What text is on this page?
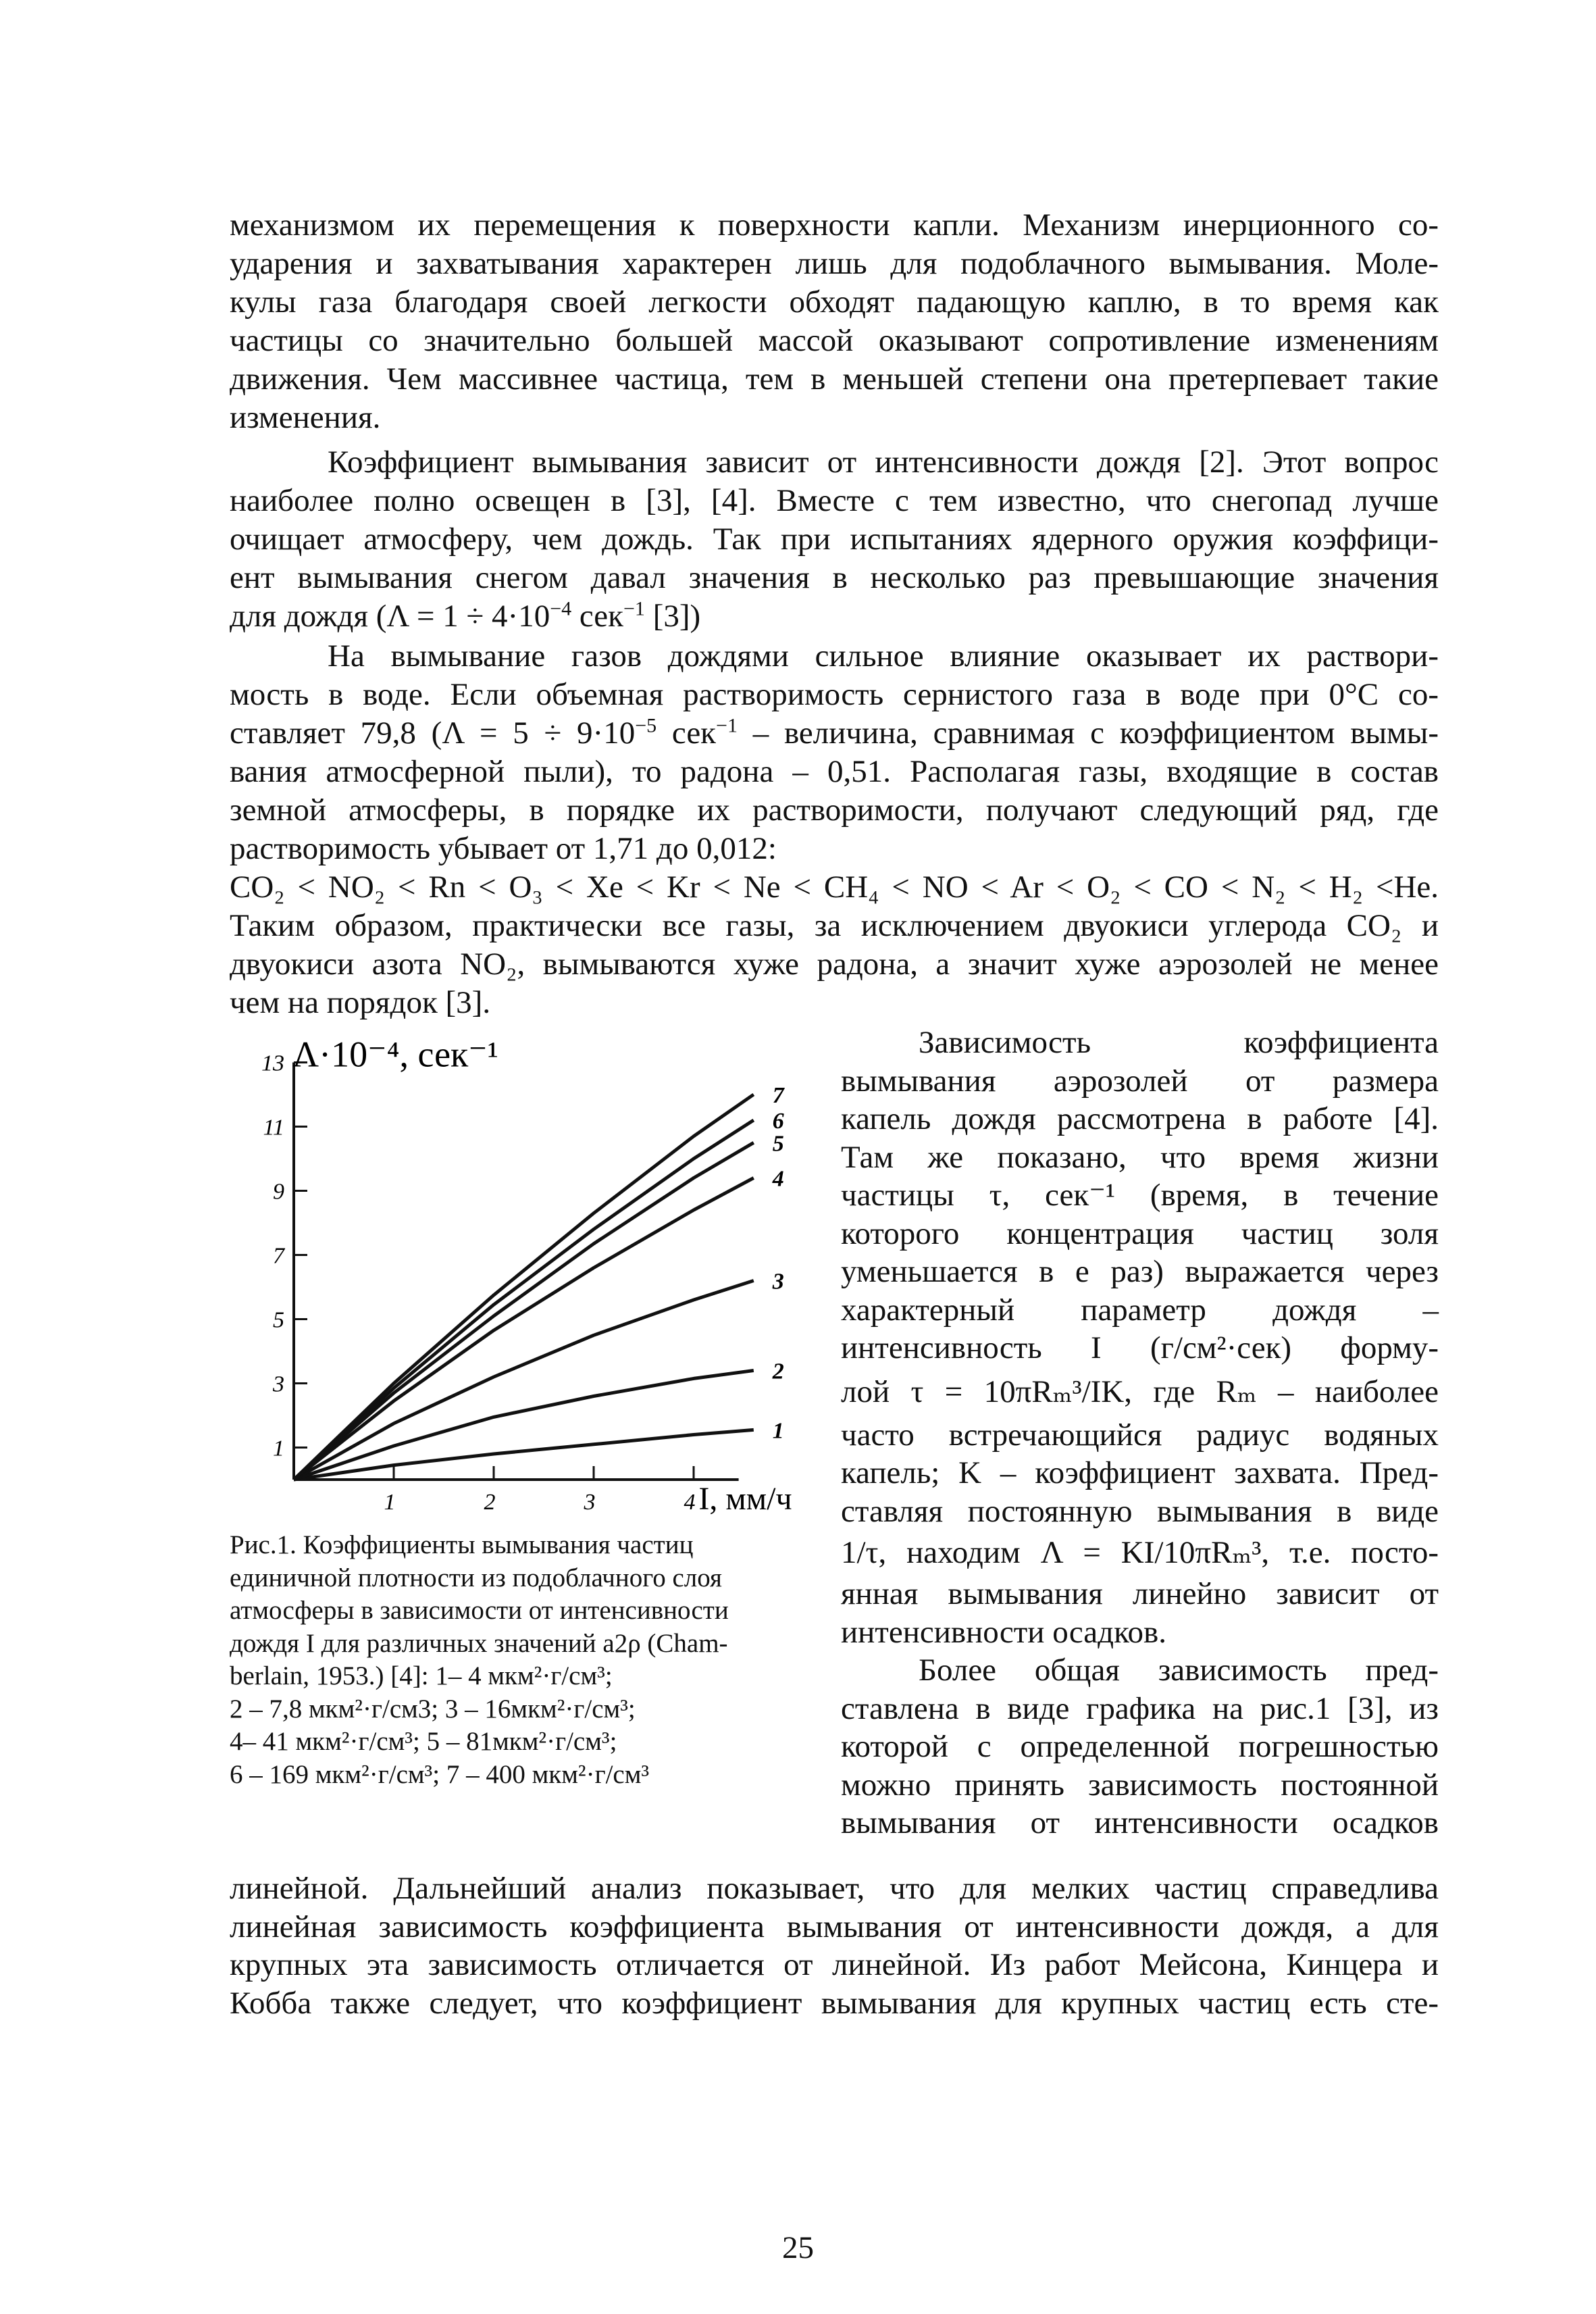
механизмом их перемещения к поверхности капли. Механизм инерционного со-
ударения и захватывания характерен лишь для подоблачного вымывания. Моле-
кулы газа благодаря своей легкости обходят падающую каплю, в то время как
частицы со значительно большей массой оказывают сопротивление изменениям
движения. Чем массивнее частица, тем в меньшей степени она претерпевает такие
изменения.
Коэффициент вымывания зависит от интенсивности дождя [2]. Этот вопрос
наиболее полно освещен в [3], [4]. Вместе с тем известно, что снегопад лучше
очищает атмосферу, чем дождь. Так при испытаниях ядерного оружия коэффици-
ент вымывания снегом давал значения в несколько раз превышающие значения
для дождя ($\Lambda = 1 \div 4\cdot 10^{-4}$ сек$^{-1}$ [3])
На вымывание газов дождями сильное влияние оказывает их раствори-
мость в воде. Если объемная растворимость сернистого газа в воде при 0°С со-
ставляет 79,8 ($\Lambda = 5 \div 9\cdot 10^{-5}$ сек$^{-1}$ – величина, сравнимая с коэффициентом вымы-
вания атмосферной пыли), то радона – 0,51. Располагая газы, входящие в состав
земной атмосферы, в порядке их растворимости, получают следующий ряд, где
растворимость убывает от 1,71 до 0,012:
CO₂ < NO₂ < Rn < O₃ < Xe < Kr < Ne < CH₄ < NO < Ar < O₂ < CO < N₂ < H₂ <He.
Таким образом, практически все газы, за исключением двуокиси углерода CO₂ и
двуокиси азота NO₂, вымываются хуже радона, а значит хуже аэрозолей не менее
чем на порядок [3].
1
3
5
7
9
11
13
1	2	3	4
Λ·10⁻⁴, сек⁻¹
I, мм/ч
1
2
3
4
5
6
7
Зависимость коэффициента
вымывания аэрозолей от размера
капель дождя рассмотрена в работе [4].
Там же показано, что время жизни
частицы τ, сек⁻¹ (время, в течение
которого концентрация частиц золя
уменьшается в e раз) выражается через
характерный параметр дождя –
интенсивность I (г/см²·сек) форму-
лой τ = 10πRₘ³/IK, где Rₘ – наиболее
часто встречающийся радиус водяных
капель; K – коэффициент захвата. Пред-
ставляя постоянную вымывания в виде
1/τ, находим Λ = KI/10πRₘ³, т.е. посто-
янная вымывания линейно зависит от
интенсивности осадков.
Более общая зависимость пред-
ставлена в виде графика на рис.1 [3], из
которой с определенной погрешностью
можно принять зависимость постоянной
вымывания от интенсивности осадков
Рис.1. Коэффициенты вымывания частиц
единичной плотности из подоблачного слоя
атмосферы в зависимости от интенсивности
дождя I для различных значений a2ρ (Cham-
berlain, 1953.) [4]: 1– 4 мкм²·г/см³;
2 – 7,8 мкм²·г/см3; 3 – 16мкм²·г/см³;
4– 41 мкм²·г/см³; 5 – 81мкм²·г/см³;
6 – 169 мкм²·г/см³; 7 – 400 мкм²·г/см³
линейной. Дальнейший анализ показывает, что для мелких частиц справедлива
линейная зависимость коэффициента вымывания от интенсивности дождя, а для
крупных эта зависимость отличается от линейной. Из работ Мейсона, Кинцера и
Кобба также следует, что коэффициент вымывания для крупных частиц есть сте-
25
